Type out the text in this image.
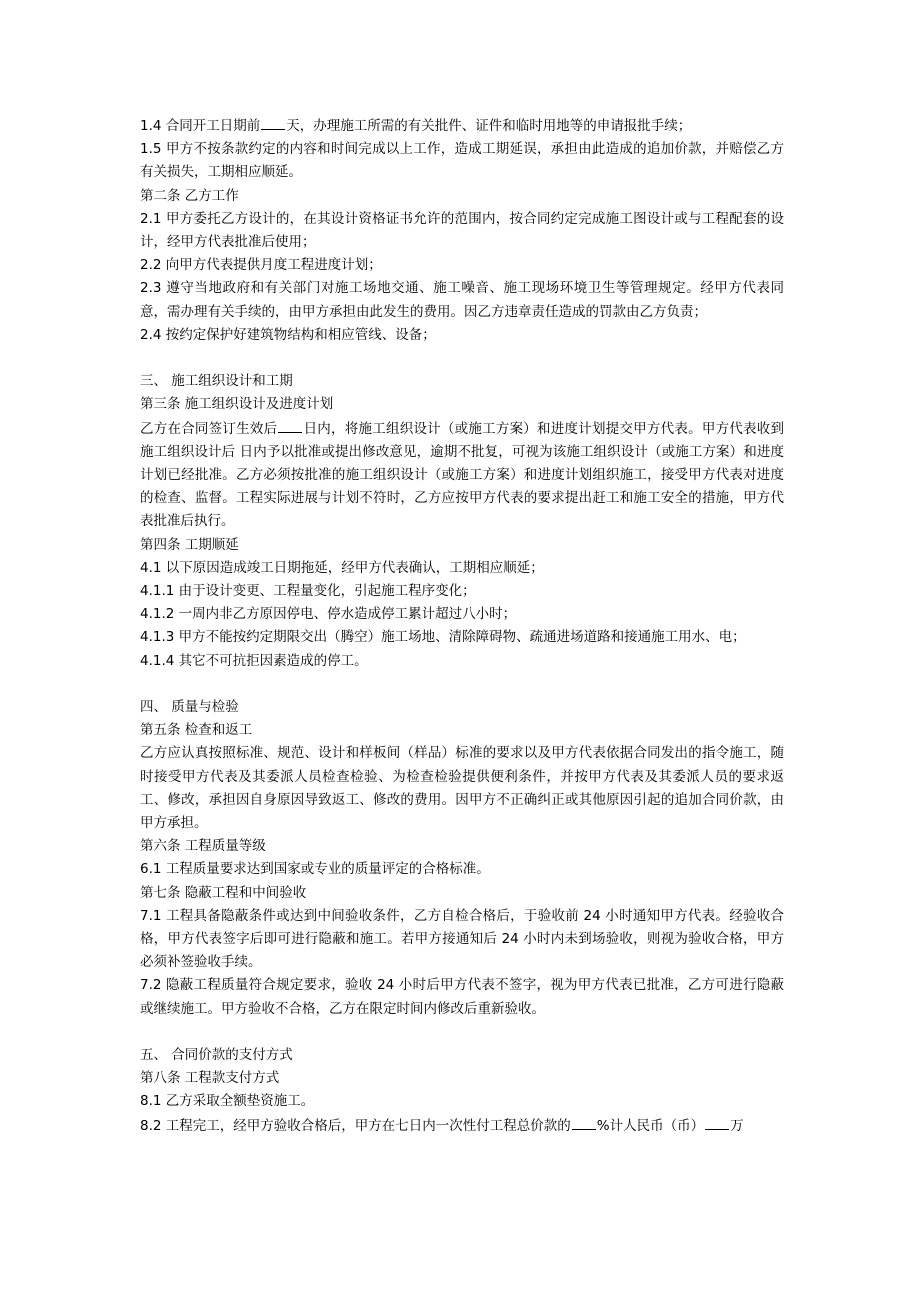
1.4 合同开工日期前 天，办理施工所需的有关批件、证件和临时用地等的申请报批手续；

1.5 甲方不按条款约定的内容和时间完成以上工作，造成工期延误，承担由此造成的追加价款，并赔偿乙方有关损失，工期相应顺延。

第二条 乙方工作

2.1 甲方委托乙方设计的，在其设计资格证书允许的范围内，按合同约定完成施工图设计或与工程配套的设计，经甲方代表批准后使用；

2.2 向甲方代表提供月度工程进度计划；

2.3 遵守当地政府和有关部门对施工场地交通、施工噪音、施工现场环境卫生等管理规定。经甲方代表同意，需办理有关手续的，由甲方承担由此发生的费用。因乙方违章责任造成的罚款由乙方负责；

2.4 按约定保护好建筑物结构和相应管线、设备；

三、 施工组织设计和工期

第三条 施工组织设计及进度计划

乙方在合同签订生效后 日内，将施工组织设计（或施工方案）和进度计划提交甲方代表。甲方代表收到施工组织设计后 日内予以批准或提出修改意见，逾期不批复，可视为该施工组织设计（或施工方案）和进度计划已经批准。乙方必须按批准的施工组织设计（或施工方案）和进度计划组织施工，接受甲方代表对进度的检查、监督。工程实际进展与计划不符时，乙方应按甲方代表的要求提出赶工和施工安全的措施，甲方代表批准后执行。

第四条 工期顺延

4.1 以下原因造成竣工日期拖延，经甲方代表确认，工期相应顺延；

4.1.1 由于设计变更、工程量变化，引起施工程序变化；

4.1.2 一周内非乙方原因停电、停水造成停工累计超过八小时；

4.1.3 甲方不能按约定期限交出（腾空）施工场地、清除障碍物、疏通进场道路和接通施工用水、电；

4.1.4 其它不可抗拒因素造成的停工。

四、 质量与检验

第五条 检查和返工

乙方应认真按照标准、规范、设计和样板间（样品）标准的要求以及甲方代表依据合同发出的指令施工，随时接受甲方代表及其委派人员检查检验、为检查检验提供便利条件，并按甲方代表及其委派人员的要求返工、修改，承担因自身原因导致返工、修改的费用。因甲方不正确纠正或其他原因引起的追加合同价款，由甲方承担。

第六条 工程质量等级

6.1 工程质量要求达到国家或专业的质量评定的合格标准。

第七条 隐蔽工程和中间验收

7.1 工程具备隐蔽条件或达到中间验收条件，乙方自检合格后，于验收前 24 小时通知甲方代表。经验收合格，甲方代表签字后即可进行隐蔽和施工。若甲方接通知后 24 小时内未到场验收，则视为验收合格，甲方必须补签验收手续。

7.2 隐蔽工程质量符合规定要求，验收 24 小时后甲方代表不签字，视为甲方代表已批准，乙方可进行隐蔽或继续施工。甲方验收不合格，乙方在限定时间内修改后重新验收。

五、 合同价款的支付方式

第八条 工程款支付方式

8.1 乙方采取全额垫资施工。

8.2 工程完工，经甲方验收合格后，甲方在七日内一次性付工程总价款的 %计人民币（币） 万
